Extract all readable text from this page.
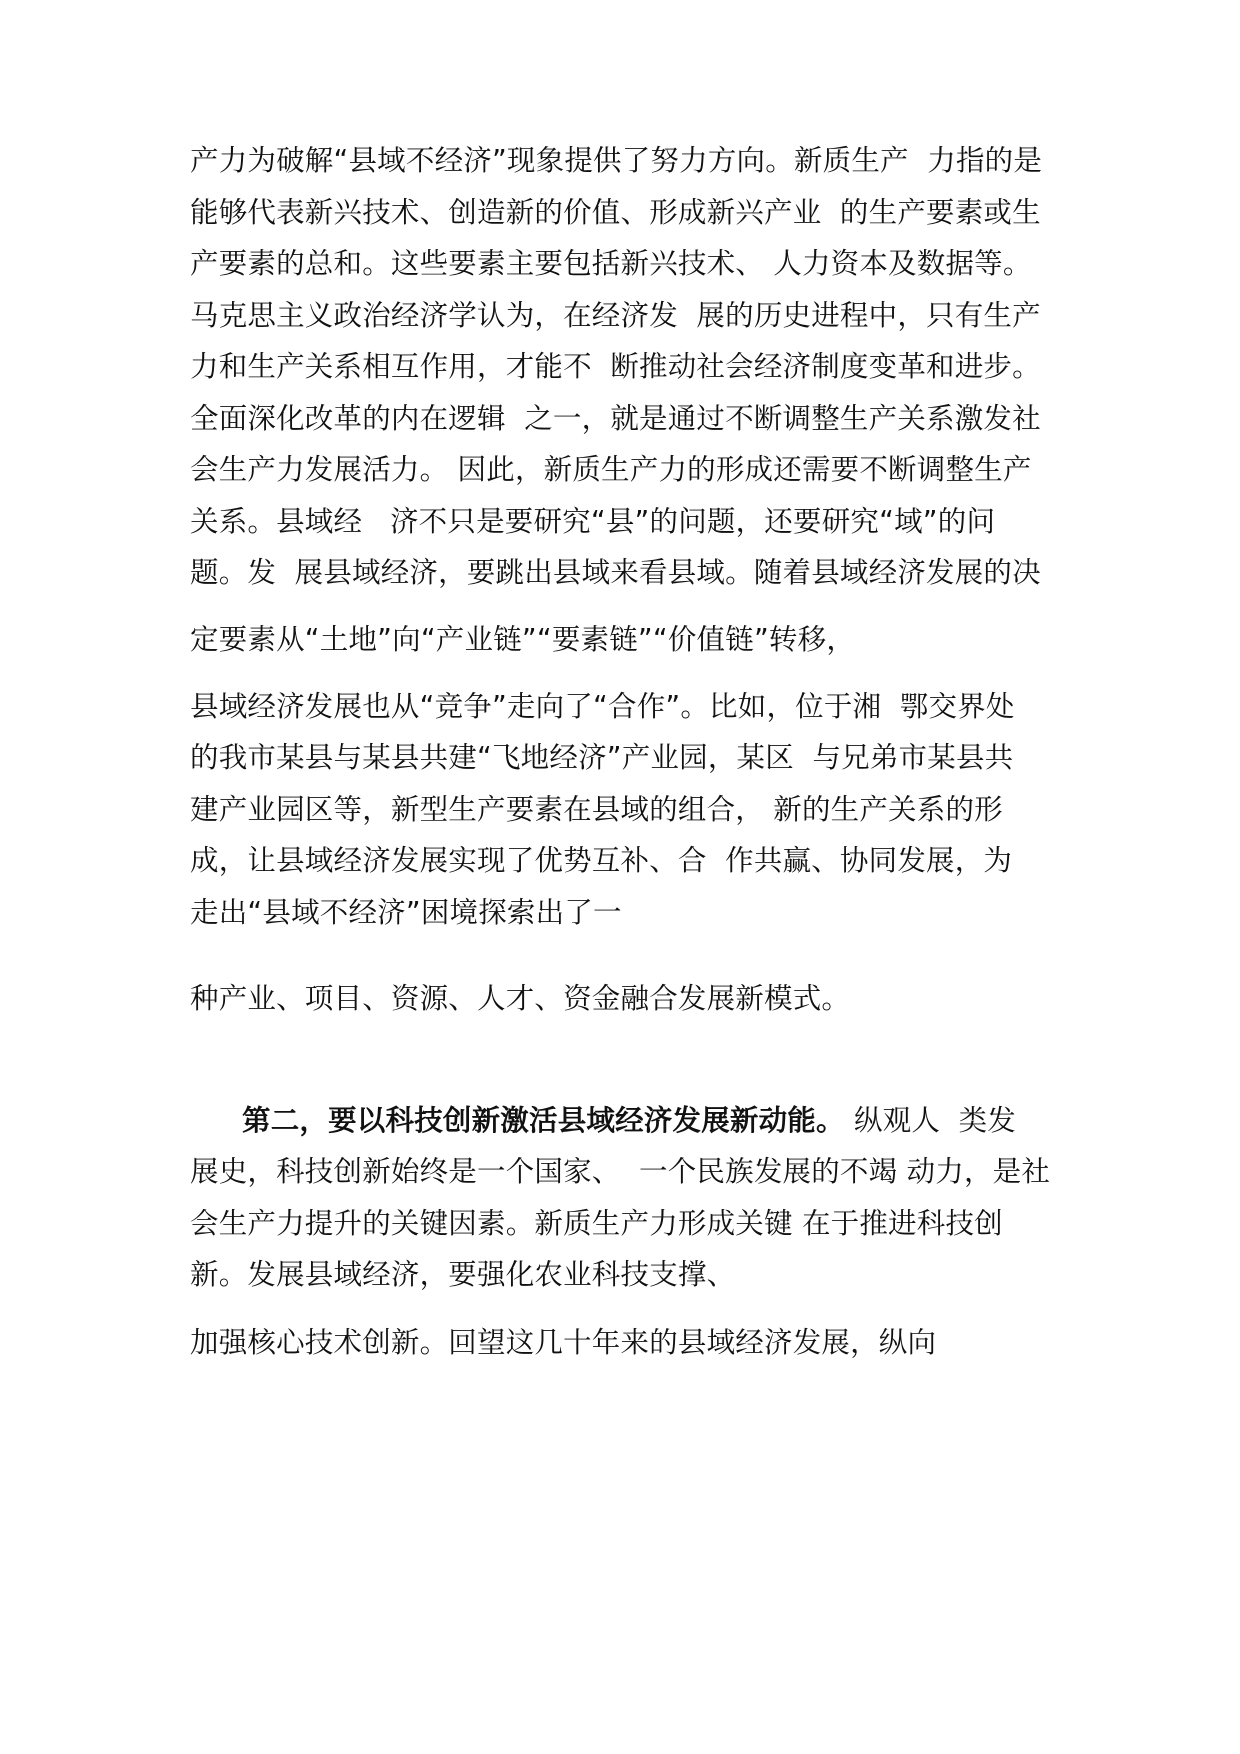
产力为破解“县域不经济”现象提供了努力方向。新质生产  力指的是
能够代表新兴技术、创造新的价值、形成新兴产业  的生产要素或生
产要素的总和。这些要素主要包括新兴技术、 人力资本及数据等。
马克思主义政治经济学认为，在经济发  展的历史进程中，只有生产
力和生产关系相互作用，才能不  断推动社会经济制度变革和进步。
全面深化改革的内在逻辑  之一，就是通过不断调整生产关系激发社
会生产力发展活力。 因此，新质生产力的形成还需要不断调整生产
关系。县域经   济不只是要研究“县”的问题，还要研究“域”的问
题。发  展县域经济，要跳出县域来看县域。随着县域经济发展的决
定要素从“土地”向“产业链”“要素链”“价值链”转移，
县域经济发展也从“竞争”走向了“合作”。比如，位于湘  鄂交界处
的我市某县与某县共建“飞地经济”产业园，某区  与兄弟市某县共
建产业园区等，新型生产要素在县域的组合， 新的生产关系的形
成，让县域经济发展实现了优势互补、合  作共赢、协同发展，为
走出“县域不经济”困境探索出了一
种产业、项目、资源、人才、资金融合发展新模式。
第二，要以科技创新激活县域经济发展新动能。 纵观人  类发
展史，科技创新始终是一个国家、  一个民族发展的不竭 动力，是社
会生产力提升的关键因素。新质生产力形成关键 在于推进科技创
新。发展县域经济，要强化农业科技支撑、
加强核心技术创新。回望这几十年来的县域经济发展，纵向
